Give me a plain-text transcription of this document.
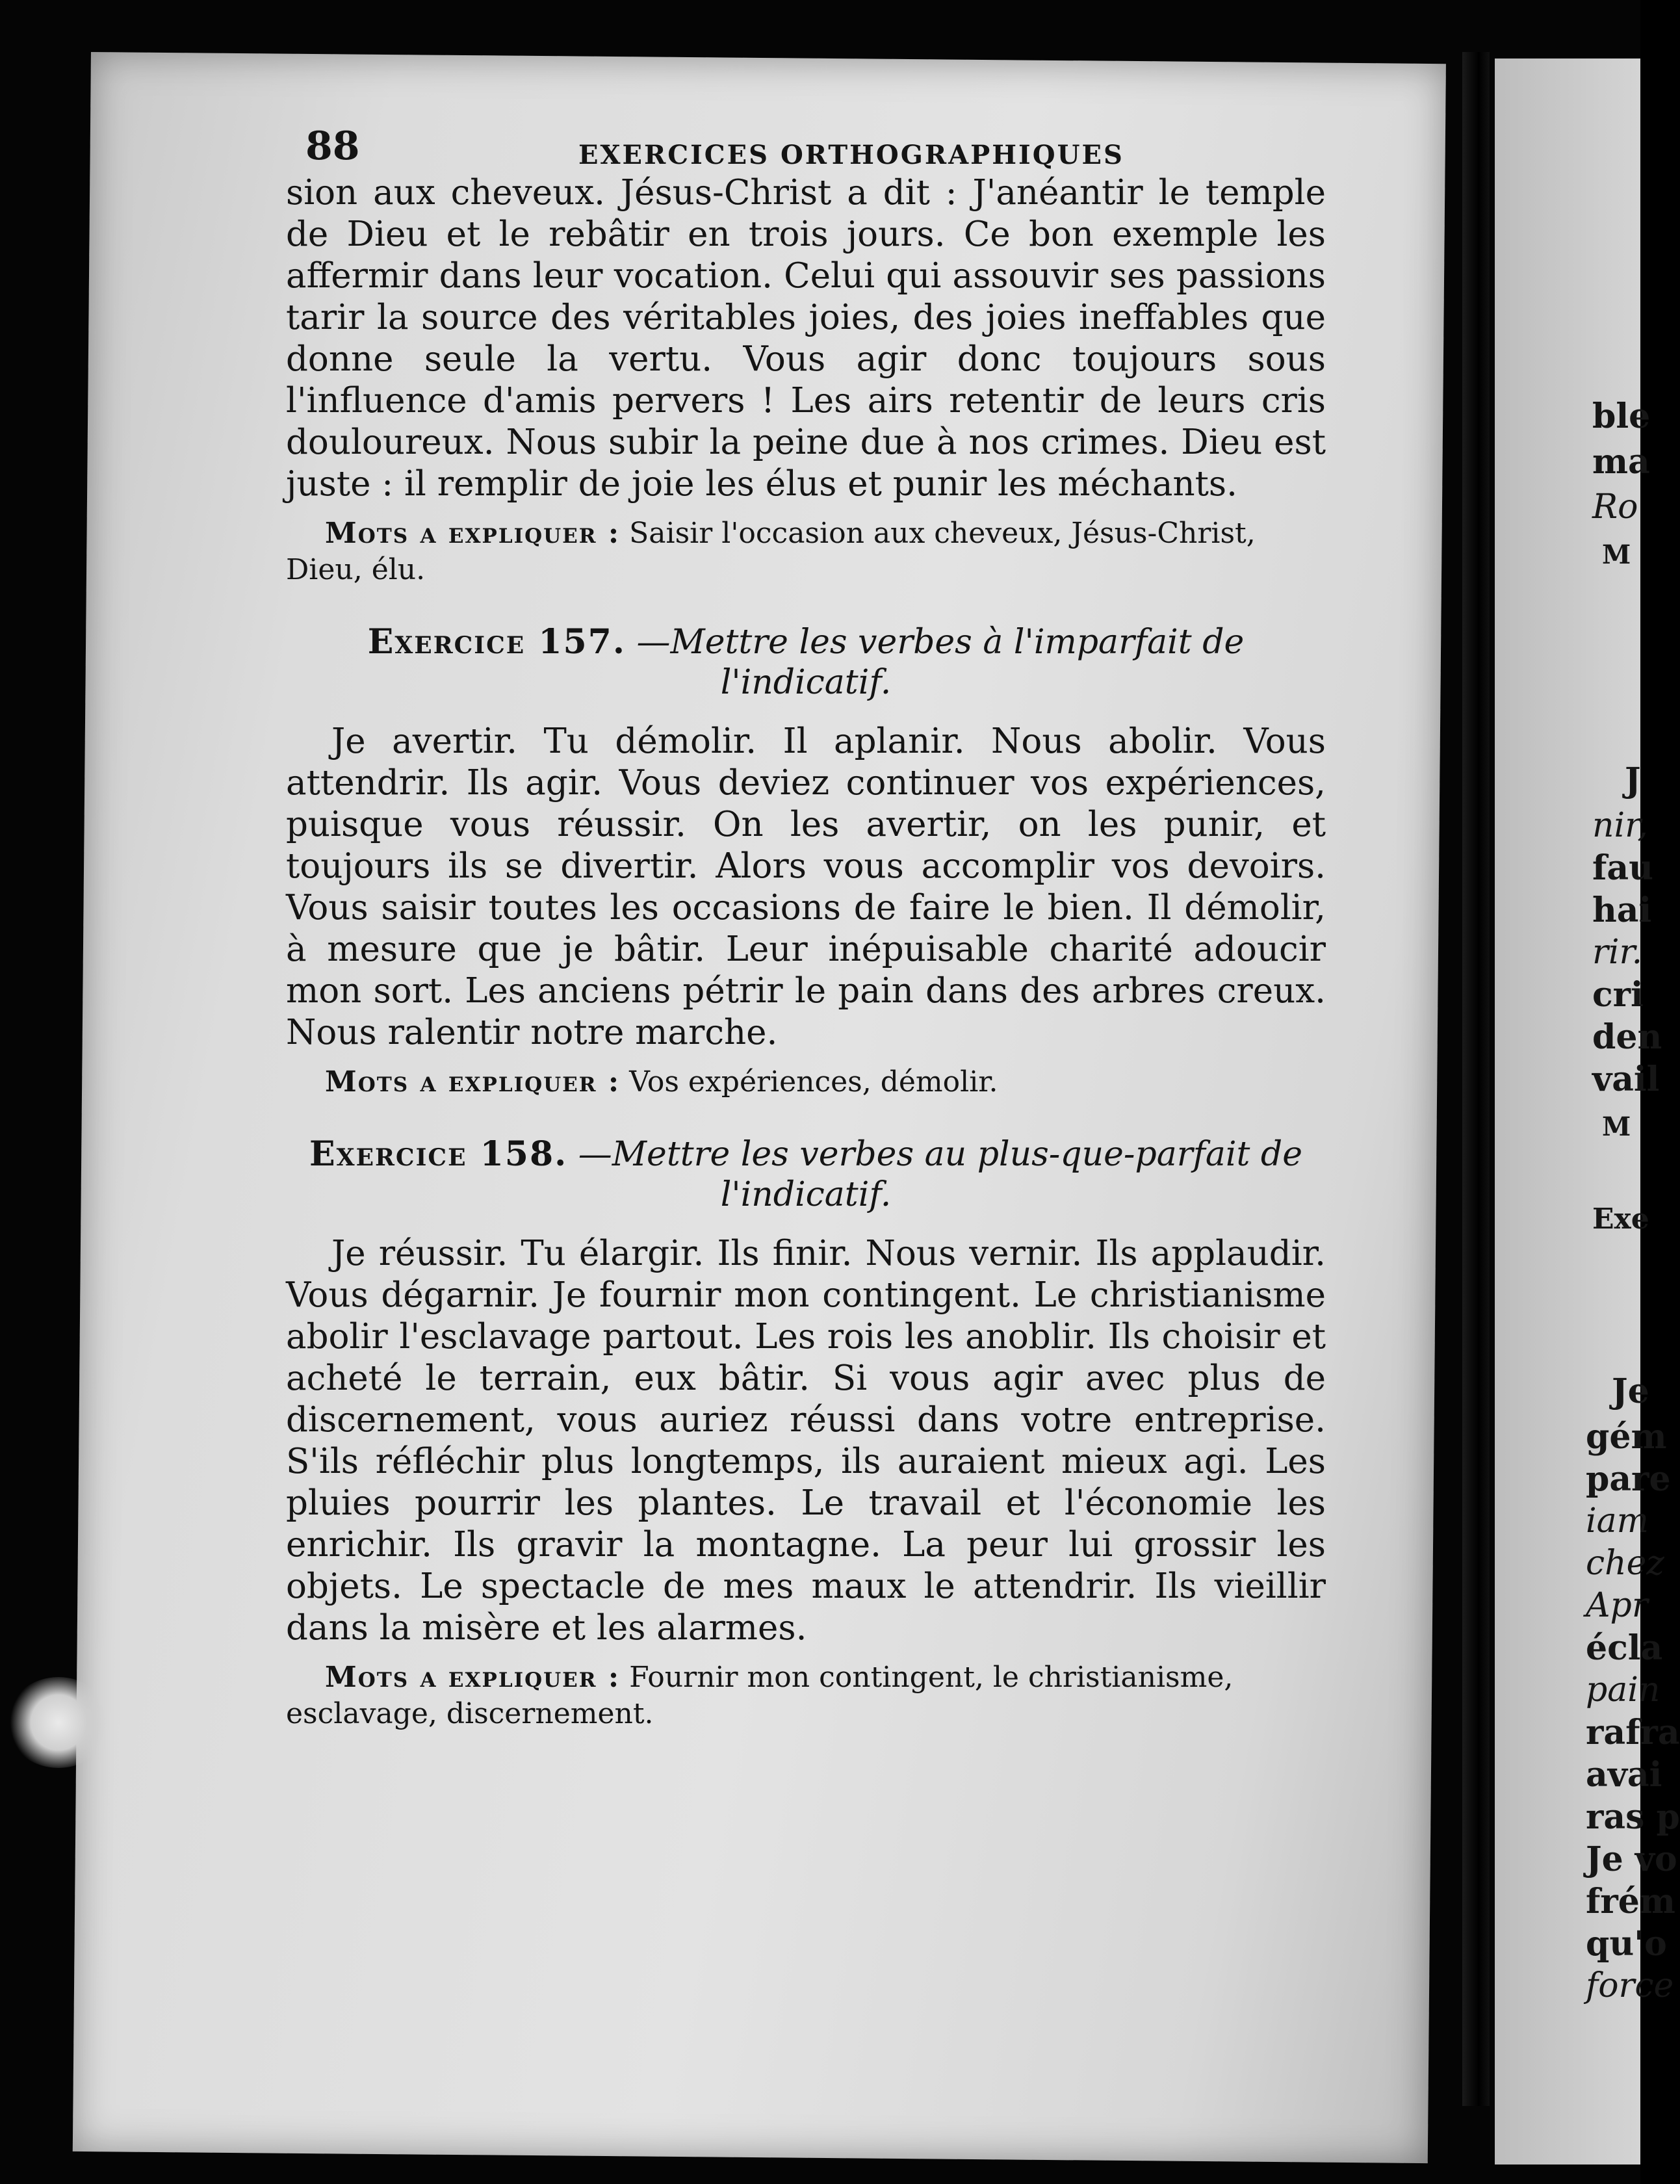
ble
ma
Ro
M
J
nir,
fau
hai
rir.
cri
den
vail
M
Exe
Je
gém
pare
iam
chez
Apr
écla
pain
rafra
avai
ras p
Je vo
frém
qu'o
force
88	EXERCICES ORTHOGRAPHIQUES

sion aux cheveux. Jésus-Christ a dit : J'anéantir le temple de Dieu et le rebâtir en trois jours. Ce bon exemple les affermir dans leur vocation. Celui qui assouvir ses passions tarir la source des véritables joies, des joies ineffables que donne seule la vertu. Vous agir donc toujours sous l'influence d'amis pervers ! Les airs retentir de leurs cris douloureux. Nous subir la peine due à nos crimes. Dieu est juste : il remplir de joie les élus et punir les méchants.

Mots a expliquer : Saisir l'occasion aux cheveux, Jésus-Christ, Dieu, élu.
Exercice 157. —Mettre les verbes à l'imparfait de l'indicatif.

Je avertir. Tu démolir. Il aplanir. Nous abolir. Vous attendrir. Ils agir. Vous deviez continuer vos expériences, puisque vous réussir. On les avertir, on les punir, et toujours ils se divertir. Alors vous accomplir vos devoirs. Vous saisir toutes les occasions de faire le bien. Il démolir, à mesure que je bâtir. Leur inépuisable charité adoucir mon sort. Les anciens pétrir le pain dans des arbres creux. Nous ralentir notre marche.

Mots a expliquer : Vos expériences, démolir.
Exercice 158. —Mettre les verbes au plus-que-parfait de l'indicatif.

Je réussir. Tu élargir. Ils finir. Nous vernir. Ils applaudir. Vous dégarnir. Je fournir mon contingent. Le christianisme abolir l'esclavage partout. Les rois les anoblir. Ils choisir et acheté le terrain, eux bâtir. Si vous agir avec plus de discernement, vous auriez réussi dans votre entreprise. S'ils réfléchir plus longtemps, ils auraient mieux agi. Les pluies pourrir les plantes. Le travail et l'économie les enrichir. Ils gravir la montagne. La peur lui grossir les objets. Le spectacle de mes maux le attendrir. Ils vieillir dans la misère et les alarmes.

Mots a expliquer : Fournir mon contingent, le christianisme, esclavage, discernement.
